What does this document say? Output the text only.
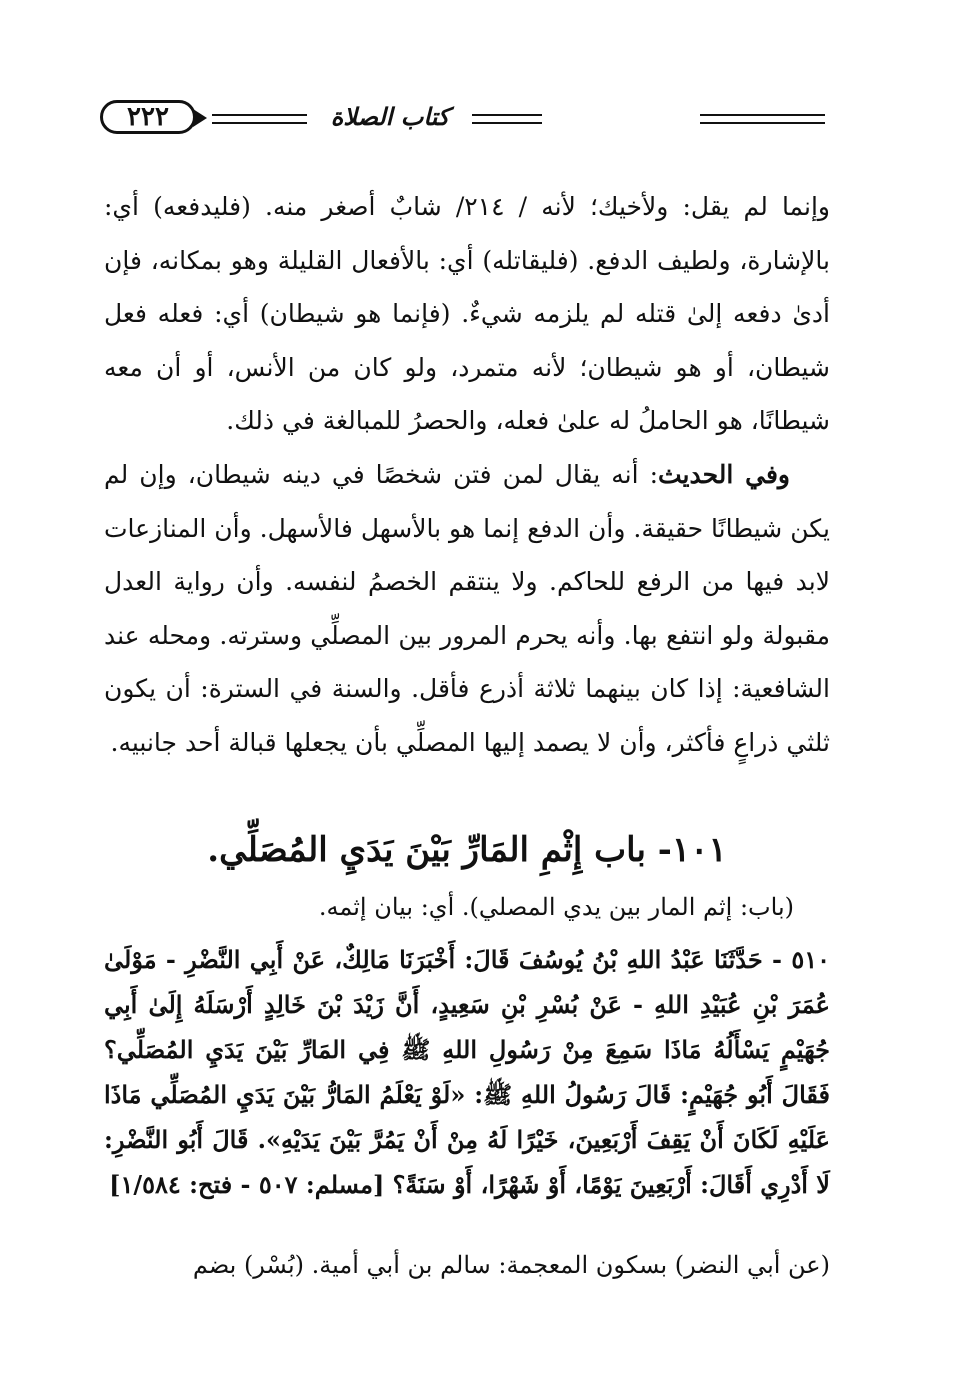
٢٢٢	كتاب الصلاة

وإنما لم يقل: ولأخيك؛ لأنه / ٢١٤/ شابٌ أصغر منه. (فليدفعه) أي: بالإشارة، ولطيف الدفع. (فليقاتله) أي: بالأفعال القليلة وهو بمكانه، فإن أدىٰ دفعه إلىٰ قتله لم يلزمه شيءٌ. (فإنما هو شيطان) أي: فعله فعل شيطان، أو هو شيطان؛ لأنه متمرد، ولو كان من الأنس، أو أن معه شيطانًا، هو الحاملُ له علىٰ فعله، والحصرُ للمبالغة في ذلك.

وفي الحديث: أنه يقال لمن فتن شخصًا في دينه شيطان، وإن لم يكن شيطانًا حقيقة. وأن الدفع إنما هو بالأسهل فالأسهل. وأن المنازعات لابد فيها من الرفع للحاكم. ولا ينتقم الخصمُ لنفسه. وأن رواية العدل مقبولة ولو انتفع بها. وأنه يحرم المرور بين المصلِّي وسترته. ومحله عند الشافعية: إذا كان بينهما ثلاثة أذرع فأقل. والسنة في السترة: أن يكون ثلثي ذراعٍ فأكثر، وأن لا يصمد إليها المصلِّي بأن يجعلها قبالة أحد جانبيه.

١٠١- باب إِثْمِ المَارِّ بَيْنَ يَدَيِ المُصَلِّي.
(باب: إثم المار بين يدي المصلي). أي: بيان إثمه.
٥١٠ - حَدَّثَنَا عَبْدُ اللهِ بْنُ يُوسُفَ قَالَ: أَخْبَرَنَا مَالِكٌ، عَنْ أَبِي النَّضْرِ - مَوْلَىٰ عُمَرَ بْنِ عُبَيْدِ اللهِ - عَنْ بُسْرِ بْنِ سَعِيدٍ، أَنَّ زَيْدَ بْنَ خَالِدٍ أَرْسَلَهُ إِلَىٰ أَبِي جُهَيْمٍ يَسْأَلُهُ مَاذَا سَمِعَ مِنْ رَسُولِ اللهِ ﷺ فِي المَارِّ بَيْنَ يَدَيِ المُصَلِّي؟ فَقَالَ أَبُو جُهَيْمٍ: قَالَ رَسُولُ اللهِ ﷺ: «لَوْ يَعْلَمُ المَارُّ بَيْنَ يَدَيِ المُصَلِّي مَاذَا عَلَيْهِ لَكَانَ أَنْ يَقِفَ أَرْبَعِينَ، خَيْرًا لَهُ مِنْ أَنْ يَمُرَّ بَيْنَ يَدَيْهِ». قَالَ أَبُو النَّضْرِ: لَا أَدْرِي أَقَالَ: أَرْبَعِينَ يَوْمًا، أَوْ شَهْرًا، أَوْ سَنَةً؟ [مسلم: ٥٠٧ - فتح: ١/٥٨٤]
(عن أبي النضر) بسكون المعجمة: سالم بن أبي أمية. (بُسْر) بضم
